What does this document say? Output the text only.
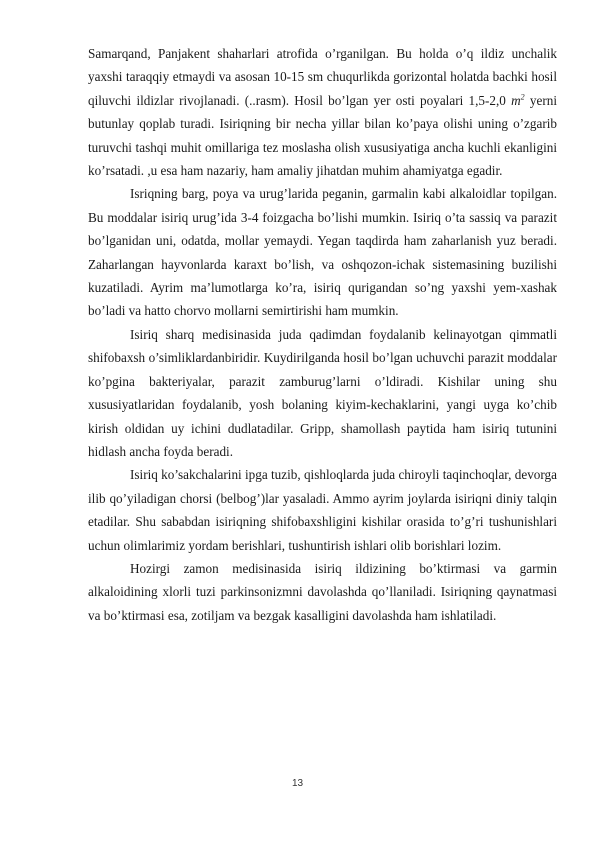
Samarqand, Panjakent shaharlari atrofida o’rganilgan. Bu holda o’q ildiz unchalik yaxshi taraqqiy etmaydi va asosan 10-15 sm chuqurlikda gorizontal holatda bachki hosil qiluvchi ildizlar rivojlanadi. (..rasm). Hosil bo’lgan yer osti poyalari 1,5-2,0 $m^2$ yerni butunlay qoplab turadi. Isiriqning bir necha yillar bilan ko’paya olishi uning o’zgarib turuvchi tashqi muhit omillariga tez moslasha olish xususiyatiga ancha kuchli ekanligini ko’rsatadi. ,u esa ham nazariy, ham amaliy jihatdan muhim ahamiyatga egadir.

Isriqning barg, poya va urug’larida peganin, garmalin kabi alkaloidlar topilgan. Bu moddalar isiriq urug’ida 3-4 foizgacha bo’lishi mumkin. Isiriq o’ta sassiq va parazit bo’lganidan uni, odatda, mollar yemaydi. Yegan taqdirda ham zaharlanish yuz beradi. Zaharlangan hayvonlarda karaxt bo’lish, va oshqozon-ichak sistemasining buzilishi kuzatiladi. Ayrim ma’lumotlarga ko’ra, isiriq qurigandan so’ng yaxshi yem-xashak bo’ladi va hatto chorvo mollarni semirtirishi ham mumkin.

Isiriq sharq medisinasida juda qadimdan foydalanib kelinayotgan qimmatli shifobaxsh o’simliklardanbiridir. Kuydirilganda hosil bo’lgan uchuvchi parazit moddalar ko’pgina bakteriyalar, parazit zamburug’larni o’ldiradi. Kishilar uning shu xususiyatlaridan foydalanib, yosh bolaning kiyim-kechaklarini, yangi uyga ko’chib kirish oldidan uy ichini dudlatadilar. Gripp, shamollash paytida ham isiriq tutunini hidlash ancha foyda beradi.

Isiriq ko’sakchalarini ipga tuzib, qishloqlarda juda chiroyli taqinchoqlar, devorga ilib qo’yiladigan chorsi (belbog’)lar yasaladi. Ammo ayrim joylarda isiriqni diniy talqin etadilar. Shu sababdan isiriqning shifobaxshligini kishilar orasida to’g’ri tushunishlari uchun olimlarimiz yordam berishlari, tushuntirish ishlari olib borishlari lozim.

Hozirgi zamon medisinasida isiriq ildizining bo’ktirmasi va garmin alkaloidining xlorli tuzi parkinsonizmni davolashda qo’llaniladi. Isiriqning qaynatmasi va bo’ktirmasi esa, zotiljam va bezgak kasalligini davolashda ham ishlatiladi.

13
